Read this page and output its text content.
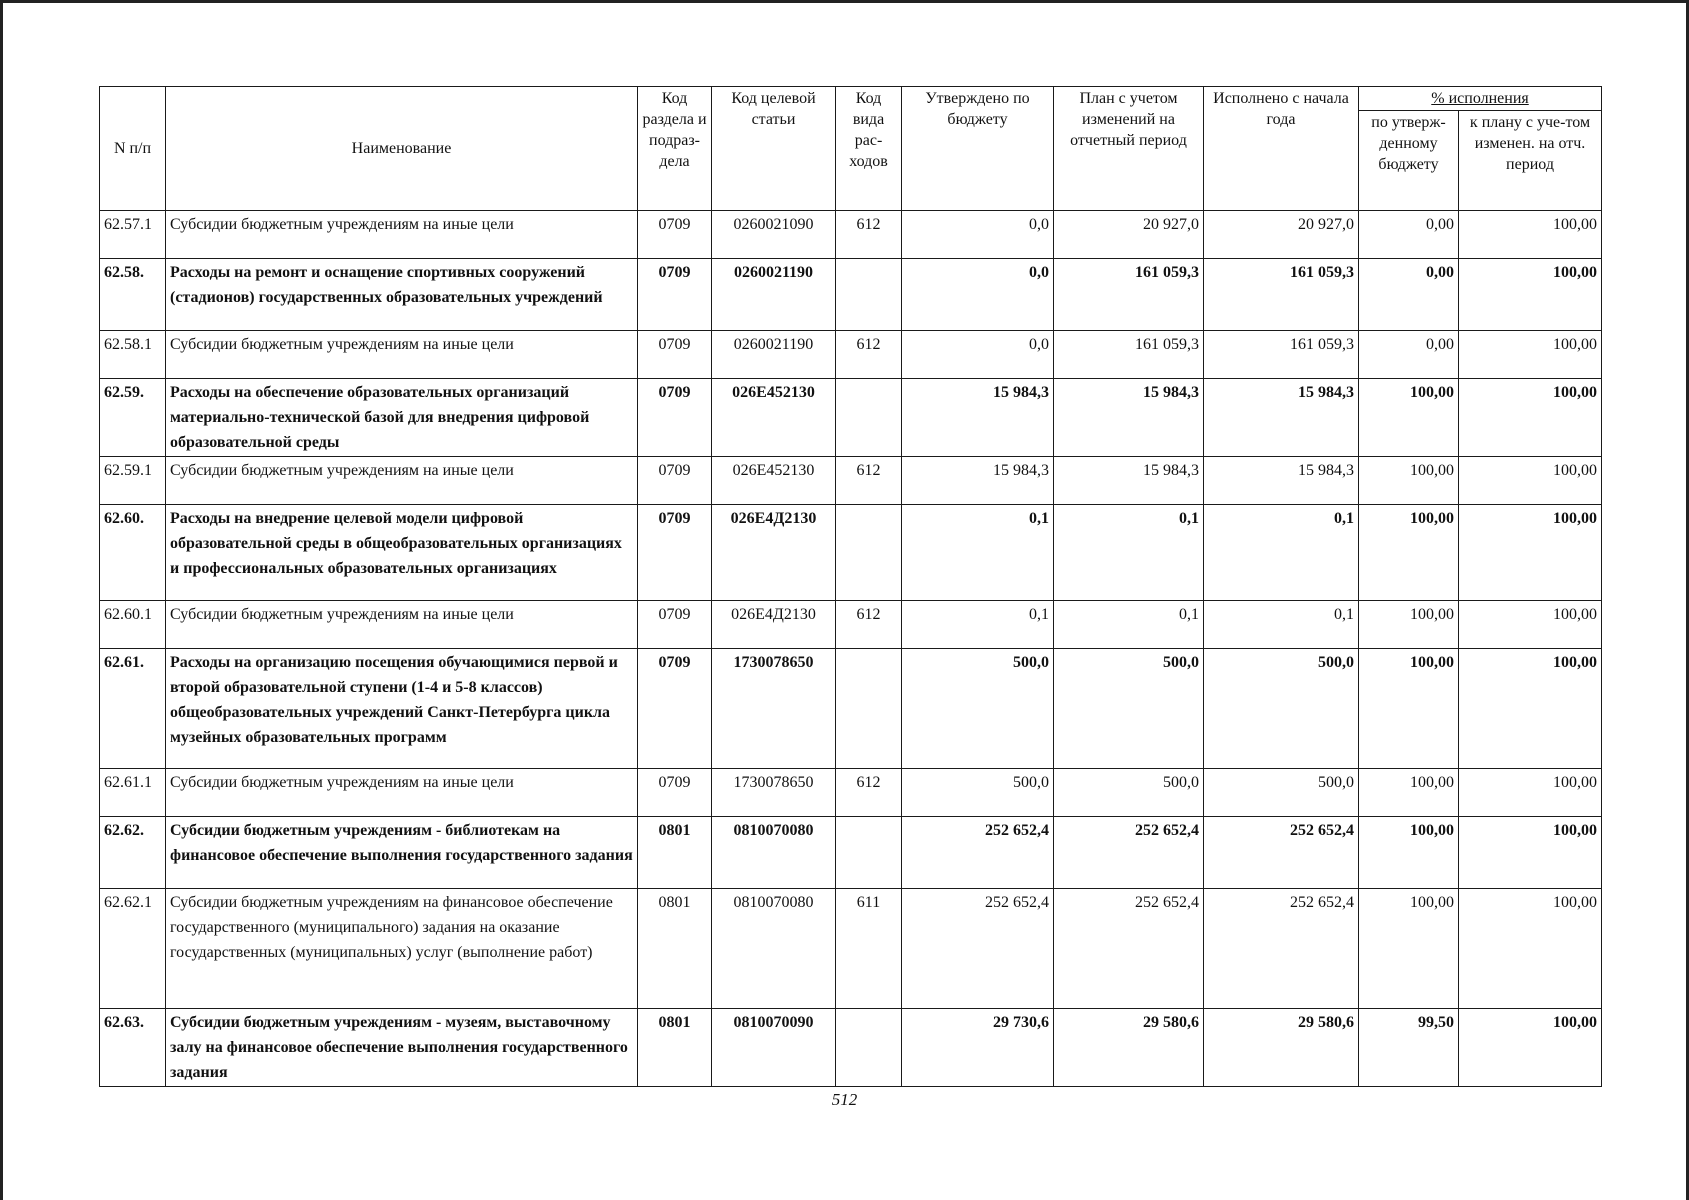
N п/п	Наименование	Код раздела и подраз-дела	Код целевой статьи	Код вида рас-ходов	Утверждено по бюджету	План с учетом изменений на отчетный период	Исполнено с начала года	% исполнения	
								по утверж-денному бюджету	к плану с уче-том изменен. на отч. период
62.57.1	Субсидии бюджетным учреждениям на иные цели	0709	0260021090	612	0,0	20 927,0	20 927,0	0,00	100,00
62.58.	Расходы на ремонт и оснащение спортивных сооружений (стадионов) государственных образовательных учреждений	0709	0260021190		0,0	161 059,3	161 059,3	0,00	100,00
62.58.1	Субсидии бюджетным учреждениям на иные цели	0709	0260021190	612	0,0	161 059,3	161 059,3	0,00	100,00
62.59.	Расходы на обеспечение образовательных организаций материально-технической базой для внедрения цифровой образовательной среды	0709	026E452130		15 984,3	15 984,3	15 984,3	100,00	100,00
62.59.1	Субсидии бюджетным учреждениям на иные цели	0709	026E452130	612	15 984,3	15 984,3	15 984,3	100,00	100,00
62.60.	Расходы на внедрение целевой модели цифровой образовательной среды в общеобразовательных организациях и профессиональных образовательных организациях	0709	026E4Д2130		0,1	0,1	0,1	100,00	100,00
62.60.1	Субсидии бюджетным учреждениям на иные цели	0709	026E4Д2130	612	0,1	0,1	0,1	100,00	100,00
62.61.	Расходы на организацию посещения обучающимися первой и второй образовательной ступени (1-4 и 5-8 классов) общеобразовательных учреждений Санкт-Петербурга цикла музейных образовательных программ	0709	1730078650		500,0	500,0	500,0	100,00	100,00
62.61.1	Субсидии бюджетным учреждениям на иные цели	0709	1730078650	612	500,0	500,0	500,0	100,00	100,00
62.62.	Субсидии бюджетным учреждениям - библиотекам на финансовое обеспечение выполнения государственного задания	0801	0810070080		252 652,4	252 652,4	252 652,4	100,00	100,00
62.62.1	Субсидии бюджетным учреждениям на финансовое обеспечение государственного (муниципального) задания на оказание государственных (муниципальных) услуг (выполнение работ)	0801	0810070080	611	252 652,4	252 652,4	252 652,4	100,00	100,00
62.63.	Субсидии бюджетным учреждениям - музеям, выставочному залу на финансовое обеспечение выполнения государственного задания	0801	0810070090		29 730,6	29 580,6	29 580,6	99,50	100,00
512
